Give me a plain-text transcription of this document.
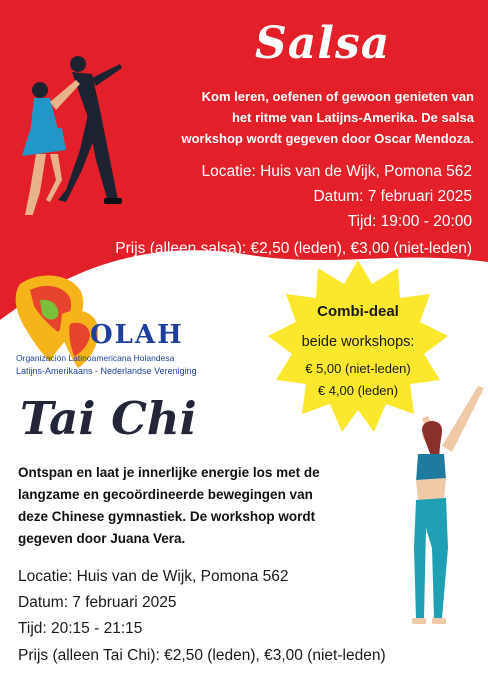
Salsa
Kom leren, oefenen of gewoon genieten van
het ritme van Latijns-Amerika. De salsa
workshop wordt gegeven door Oscar Mendoza.
Locatie: Huis van de Wijk, Pomona 562
Datum: 7 februari 2025
Tijd: 19:00 - 20:00
Prijs (alleen salsa): €2,50 (leden), €3,00 (niet-leden)
OLAH
Organización Latinoamericana Holandesa
Latijns-Amerikaans - Nederlandse Vereniging
Combi-deal
beide workshops:
€ 5,00 (niet-leden)
€ 4,00 (leden)
Tai Chi
Ontspan en laat je innerlijke energie los met de
langzame en gecoördineerde bewegingen van
deze Chinese gymnastiek. De workshop wordt
gegeven door Juana Vera.
Locatie: Huis van de Wijk, Pomona 562
Datum: 7 februari 2025
Tijd: 20:15 - 21:15
Prijs (alleen Tai Chi): €2,50 (leden), €3,00 (niet-leden)
